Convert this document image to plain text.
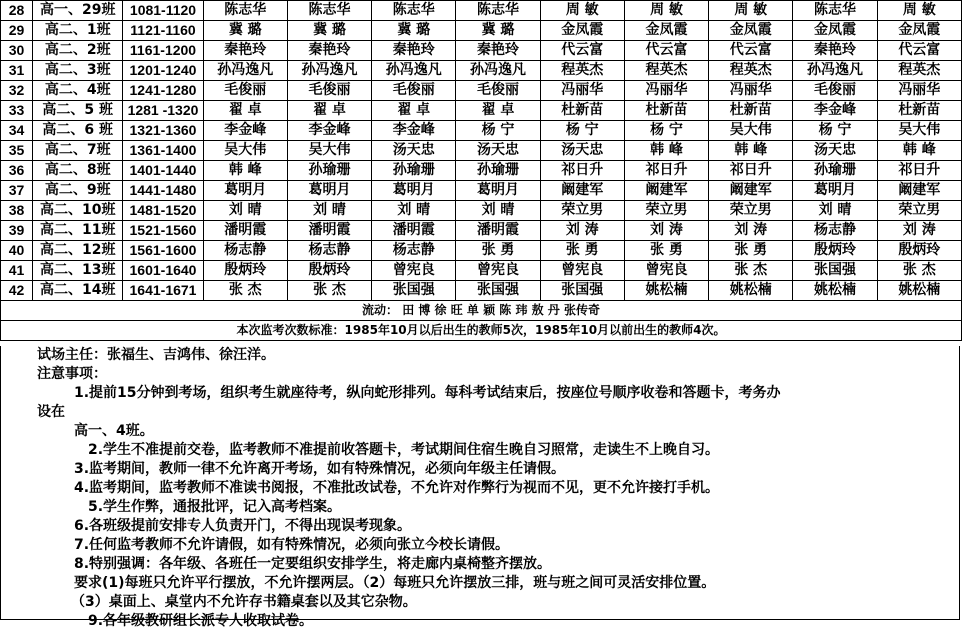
28	高一、29班	1081-1120	陈志华	陈志华	陈志华	陈志华	周 敏	周 敏	周 敏	陈志华	周 敏
29	高二、1班	1121-1160	冀 璐	冀 璐	冀 璐	冀 璐	金凤霞	金凤霞	金凤霞	金凤霞	金凤霞
30	高二、2班	1161-1200	秦艳玲	秦艳玲	秦艳玲	秦艳玲	代云富	代云富	代云富	秦艳玲	代云富
31	高二、3班	1201-1240	孙冯逸凡	孙冯逸凡	孙冯逸凡	孙冯逸凡	程英杰	程英杰	程英杰	孙冯逸凡	程英杰
32	高二、4班	1241-1280	毛俊丽	毛俊丽	毛俊丽	毛俊丽	冯丽华	冯丽华	冯丽华	毛俊丽	冯丽华
33	高二、5 班	1281 -1320	翟 卓	翟 卓	翟 卓	翟 卓	杜新苗	杜新苗	杜新苗	李金峰	杜新苗
34	高二、6 班	1321-1360	李金峰	李金峰	李金峰	杨 宁	杨 宁	杨 宁	吴大伟	杨 宁	吴大伟
35	高二、7班	1361-1400	吴大伟	吴大伟	汤天忠	汤天忠	汤天忠	韩 峰	韩 峰	汤天忠	韩 峰
36	高二、8班	1401-1440	韩 峰	孙瑜珊	孙瑜珊	孙瑜珊	祁日升	祁日升	祁日升	孙瑜珊	祁日升
37	高二、9班	1441-1480	葛明月	葛明月	葛明月	葛明月	阚建军	阚建军	阚建军	葛明月	阚建军
38	高二、10班	1481-1520	刘 晴	刘 晴	刘 晴	刘 晴	荣立男	荣立男	荣立男	刘 晴	荣立男
39	高二、11班	1521-1560	潘明霞	潘明霞	潘明霞	潘明霞	刘 涛	刘 涛	刘 涛	杨志静	刘 涛
40	高二、12班	1561-1600	杨志静	杨志静	杨志静	张 勇	张 勇	张 勇	张 勇	殷炳玲	殷炳玲
41	高二、13班	1601-1640	殷炳玲	殷炳玲	曾宪良	曾宪良	曾宪良	曾宪良	张 杰	张国强	张 杰
42	高二、14班	1641-1671	张 杰	张 杰	张国强	张国强	张国强	姚松楠	姚松楠	姚松楠	姚松楠
流动： 田 博 徐 旺 单 颖 陈 玮 敖 丹 张传奇											
本次监考次数标准：1985年10月以后出生的教师5次，1985年10月以前出生的教师4次。											
试场主任：张福生、吉鸿伟、徐汪洋。
注意事项：
1.提前15分钟到考场，组织考生就座待考，纵向蛇形排列。每科考试结束后，按座位号顺序收卷和答题卡，考务办
设在
高一、4班。
2.学生不准提前交卷，监考教师不准提前收答题卡，考试期间住宿生晚自习照常，走读生不上晚自习。
3.监考期间，教师一律不允许离开考场，如有特殊情况，必须向年级主任请假。
4.监考期间，监考教师不准读书阅报，不准批改试卷，不允许对作弊行为视而不见，更不允许接打手机。
5.学生作弊，通报批评，记入高考档案。
6.各班级提前安排专人负责开门，不得出现误考现象。
7.任何监考教师不允许请假，如有特殊情况，必须向张立今校长请假。
8.特别强调：各年级、各班任一定要组织安排学生，将走廊内桌椅整齐摆放。
要求(1)每班只允许平行摆放，不允许摆两层。（2）每班只允许摆放三排，班与班之间可灵活安排位置。
（3）桌面上、桌堂内不允许存书籍桌套以及其它杂物。
9.各年级教研组长派专人收取试卷。
